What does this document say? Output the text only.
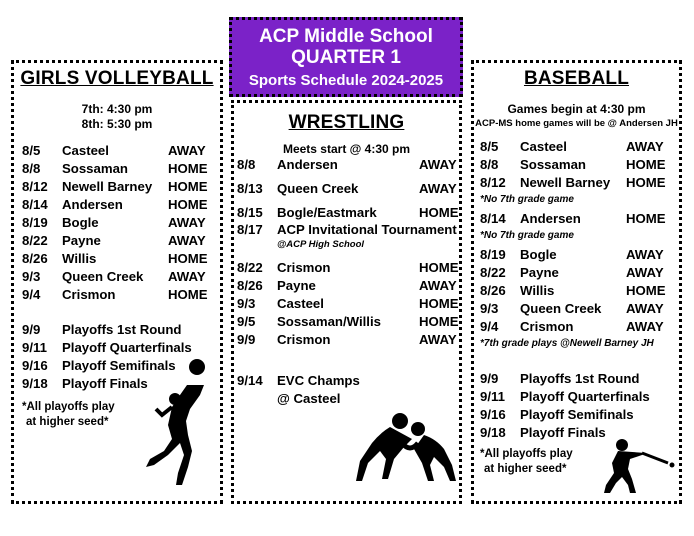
ACP Middle School
QUARTER 1
Sports Schedule 2024-2025
GIRLS VOLLEYBALL
7th: 4:30 pm
8th: 5:30 pm
8/5 Casteel	AWAY
8/8 Sossaman	HOME
8/12 Newell Barney HOME
8/14 Andersen	HOME
8/19 Bogle	AWAY
8/22 Payne	AWAY
8/26 Willis	HOME
9/3 Queen Creek AWAY
9/4 Crismon	HOME
9/9 Playoffs 1st Round
9/11 Playoff Quarterfinals
9/16 Playoff Semifinals
9/18 Playoff Finals
*All playoffs play
at higher seed*
WRESTLING
Meets start @ 4:30 pm
8/8 Andersen	AWAY
8/13 Queen Creek	AWAY
8/15 Bogle/Eastmark	HOME
8/17 ACP Invitational Tournament
@ACP High School
8/22 Crismon	HOME
8/26 Payne	AWAY
9/3 Casteel	HOME
9/5 Sossaman/Willis	HOME
9/9 Crismon	AWAY
9/14 EVC Champs
@ Casteel
BASEBALL
Games begin at 4:30 pm
ACP-MS home games will be @ Andersen JH
8/5 Casteel	AWAY
8/8 Sossaman	HOME
8/12 Newell Barney HOME
*No 7th grade game
8/14 Andersen	HOME
*No 7th grade game
8/19 Bogle	AWAY
8/22 Payne	AWAY
8/26 Willis	HOME
9/3 Queen Creek AWAY
9/4 Crismon	AWAY
*7th grade plays @Newell Barney JH
9/9 Playoffs 1st Round
9/11 Playoff Quarterfinals
9/16 Playoff Semifinals
9/18 Playoff Finals
*All playoffs play
at higher seed*
